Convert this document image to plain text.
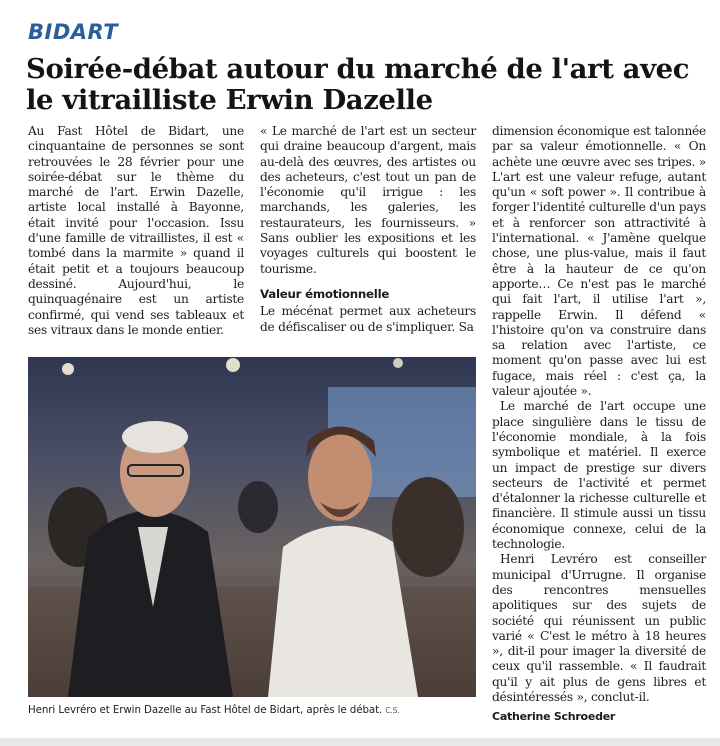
BIDART
Soirée-débat autour du marché de l'art avec le vitrailliste Erwin Dazelle

Au Fast Hôtel de Bidart, une cinquantaine de personnes se sont retrouvées le 28 février pour une soirée-débat sur le thème du marché de l'art. Erwin Dazelle, artiste local installé à Bayonne, était invité pour l'occasion. Issu d'une famille de vitraillistes, il est « tombé dans la marmite » quand il était petit et a toujours beaucoup dessiné. Aujourd'hui, le quinquagénaire est un artiste confirmé, qui vend ses tableaux et ses vitraux dans le monde entier.

« Le marché de l'art est un secteur qui draine beaucoup d'argent, mais au-delà des œuvres, des artistes ou des acheteurs, c'est tout un pan de l'économie qu'il irrigue : les marchands, les galeries, les restaurateurs, les fournisseurs. » Sans oublier les expositions et les voyages culturels qui boostent le tourisme.

Valeur émotionnelle

Le mécénat permet aux acheteurs de défiscaliser ou de s'impliquer. Sa

dimension économique est talonnée par sa valeur émotionnelle. « On achète une œuvre avec ses tripes. » L'art est une valeur refuge, autant qu'un « soft power ». Il contribue à forger l'identité culturelle d'un pays et à renforcer son attractivité à l'international. « J'amène quelque chose, une plus-value, mais il faut être à la hauteur de ce qu'on apporte… Ce n'est pas le marché qui fait l'art, il utilise l'art », rappelle Erwin. Il défend « l'histoire qu'on va construire dans sa relation avec l'artiste, ce moment qu'on passe avec lui est fugace, mais réel : c'est ça, la valeur ajoutée ».

Le marché de l'art occupe une place singulière dans le tissu de l'économie mondiale, à la fois symbolique et matériel. Il exerce un impact de prestige sur divers secteurs de l'activité et permet d'étalonner la richesse culturelle et financière. Il stimule aussi un tissu économique connexe, celui de la technologie.

Henri Levréro est conseiller municipal d'Urrugne. Il organise des rencontres mensuelles apolitiques sur des sujets de société qui réunissent un public varié « C'est le métro à 18 heures », dit-il pour imager la diversité de ceux qu'il rassemble. « Il faudrait qu'il y ait plus de gens libres et désintéressés », conclut-il.

Catherine Schroeder
Henri Levréro et Erwin Dazelle au Fast Hôtel de Bidart, après le débat. C.S.
